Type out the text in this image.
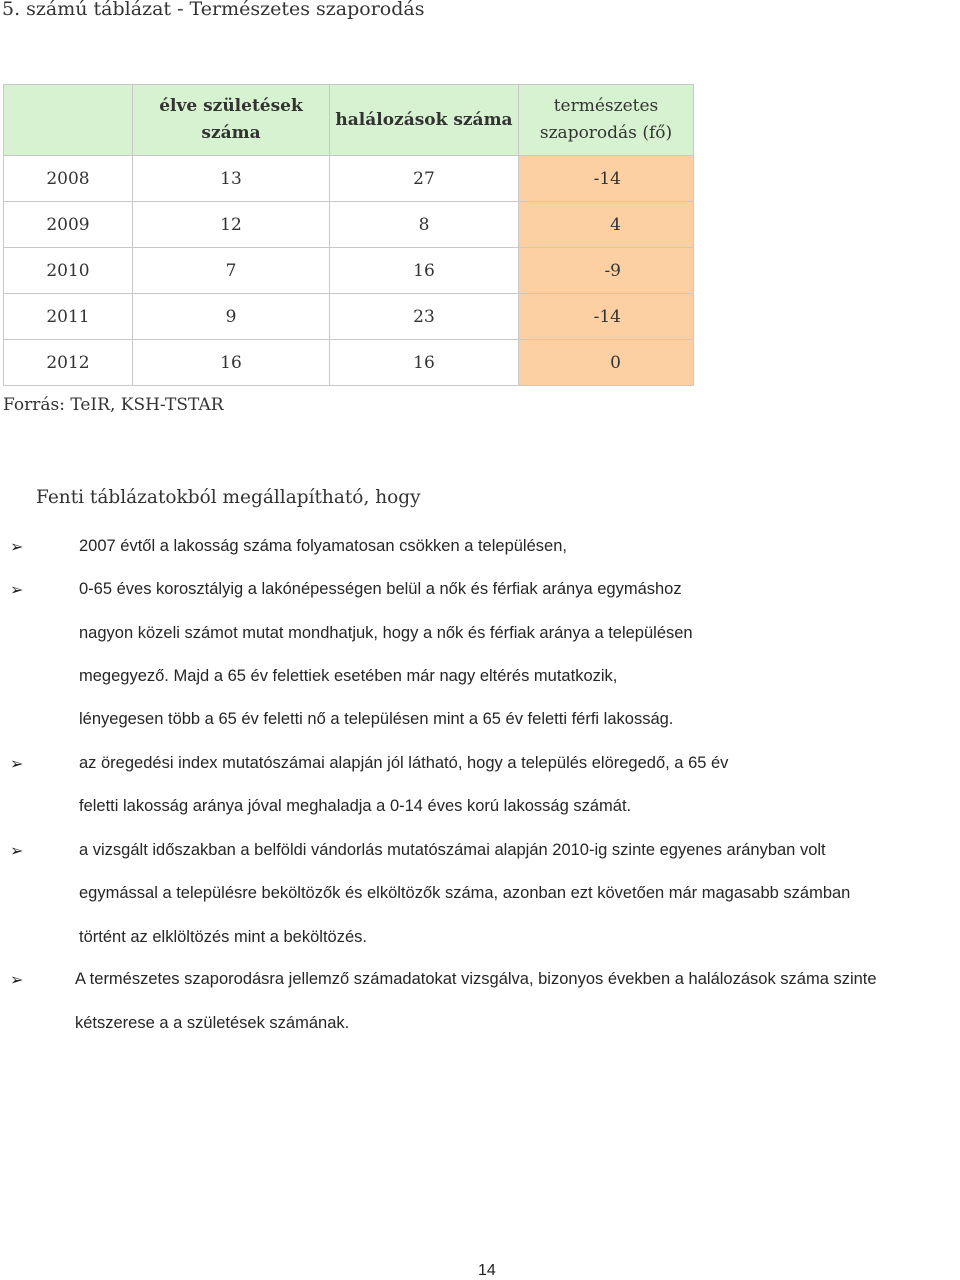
5. számú táblázat - Természetes szaporodás
	élve születések száma	halálozások száma	természetes szaporodás (fő)
2008	13	27	-14
2009	12	8	4
2010	7	16	-9
2011	9	23	-14
2012	16	16	0
Forrás: TeIR, KSH-TSTAR
Fenti táblázatokból megállapítható, hogy
➢	2007 évtől a lakosság száma folyamatosan csökken a településen,
➢	0-65 éves korosztályig a lakónépességen belül a nők és férfiak aránya egymáshoz
nagyon közeli számot mutat mondhatjuk, hogy a nők és férfiak aránya a településen
megegyező. Majd a 65 év felettiek esetében már nagy eltérés mutatkozik,
lényegesen több a 65 év feletti nő a településen mint a 65 év feletti férfi lakosság.
➢	az öregedési index mutatószámai alapján jól látható, hogy a település elöregedő, a 65 év
feletti lakosság aránya jóval meghaladja a 0-14 éves korú lakosság számát.
➢	a vizsgált időszakban a belföldi vándorlás mutatószámai alapján 2010-ig szinte egyenes arányban volt
egymással a településre beköltözők és elköltözők száma, azonban ezt követően már magasabb számban
történt az elklöltözés mint a beköltözés.
➢	A természetes szaporodásra jellemző számadatokat vizsgálva, bizonyos években a halálozások száma szinte
kétszerese a a születések számának.
14
